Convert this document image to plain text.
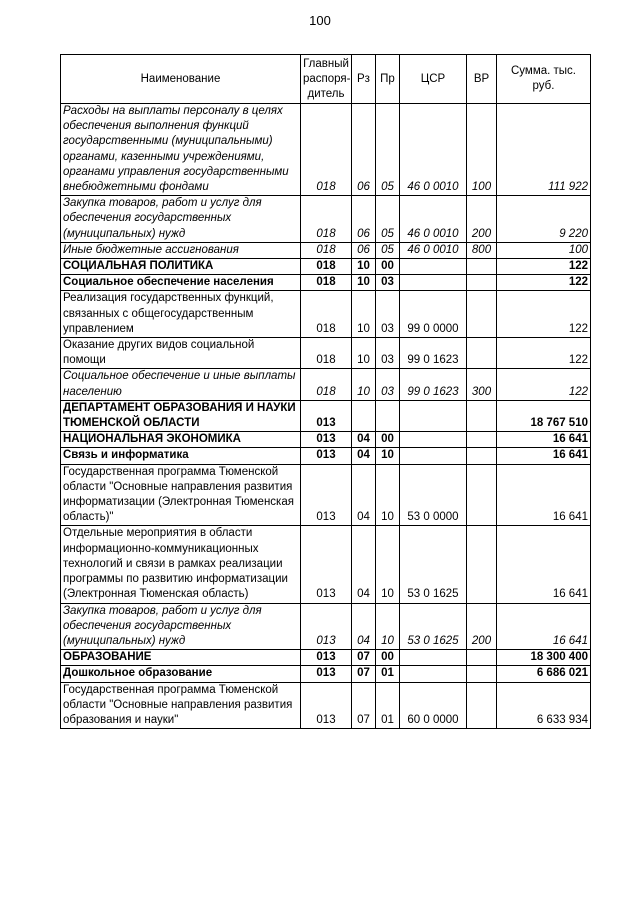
100
Наименование	Главный распоря-дитель	Рз	Пр	ЦСР	ВР	Сумма. тыс. руб.
Расходы на выплаты персоналу в целях обеспечения выполнения функций государственными (муниципальными) органами, казенными учреждениями, органами управления государственными внебюджетными фондами	018	06	05	46 0 0010	100	111 922
Закупка товаров, работ и услуг для обеспечения государственных (муниципальных) нужд	018	06	05	46 0 0010	200	9 220
Иные бюджетные ассигнования	018	06	05	46 0 0010	800	100
СОЦИАЛЬНАЯ ПОЛИТИКА	018	10	00			122
Социальное обеспечение населения	018	10	03			122
Реализация государственных функций, связанных с общегосударственным управлением	018	10	03	99 0 0000		122
Оказание других видов социальной помощи	018	10	03	99 0 1623		122
Социальное обеспечение и иные выплаты населению	018	10	03	99 0 1623	300	122
ДЕПАРТАМЕНТ ОБРАЗОВАНИЯ И НАУКИ ТЮМЕНСКОЙ ОБЛАСТИ	013					18 767 510
НАЦИОНАЛЬНАЯ ЭКОНОМИКА	013	04	00			16 641
Связь и информатика	013	04	10			16 641
Государственная программа Тюменской области "Основные направления развития информатизации (Электронная Тюменская область)"	013	04	10	53 0 0000		16 641
Отдельные мероприятия в области информационно-коммуникационных технологий и связи в рамках реализации программы по развитию информатизации (Электронная Тюменская область)	013	04	10	53 0 1625		16 641
Закупка товаров, работ и услуг для обеспечения государственных (муниципальных) нужд	013	04	10	53 0 1625	200	16 641
ОБРАЗОВАНИЕ	013	07	00			18 300 400
Дошкольное образование	013	07	01			6 686 021
Государственная программа Тюменской области "Основные направления развития образования и науки"	013	07	01	60 0 0000		6 633 934
